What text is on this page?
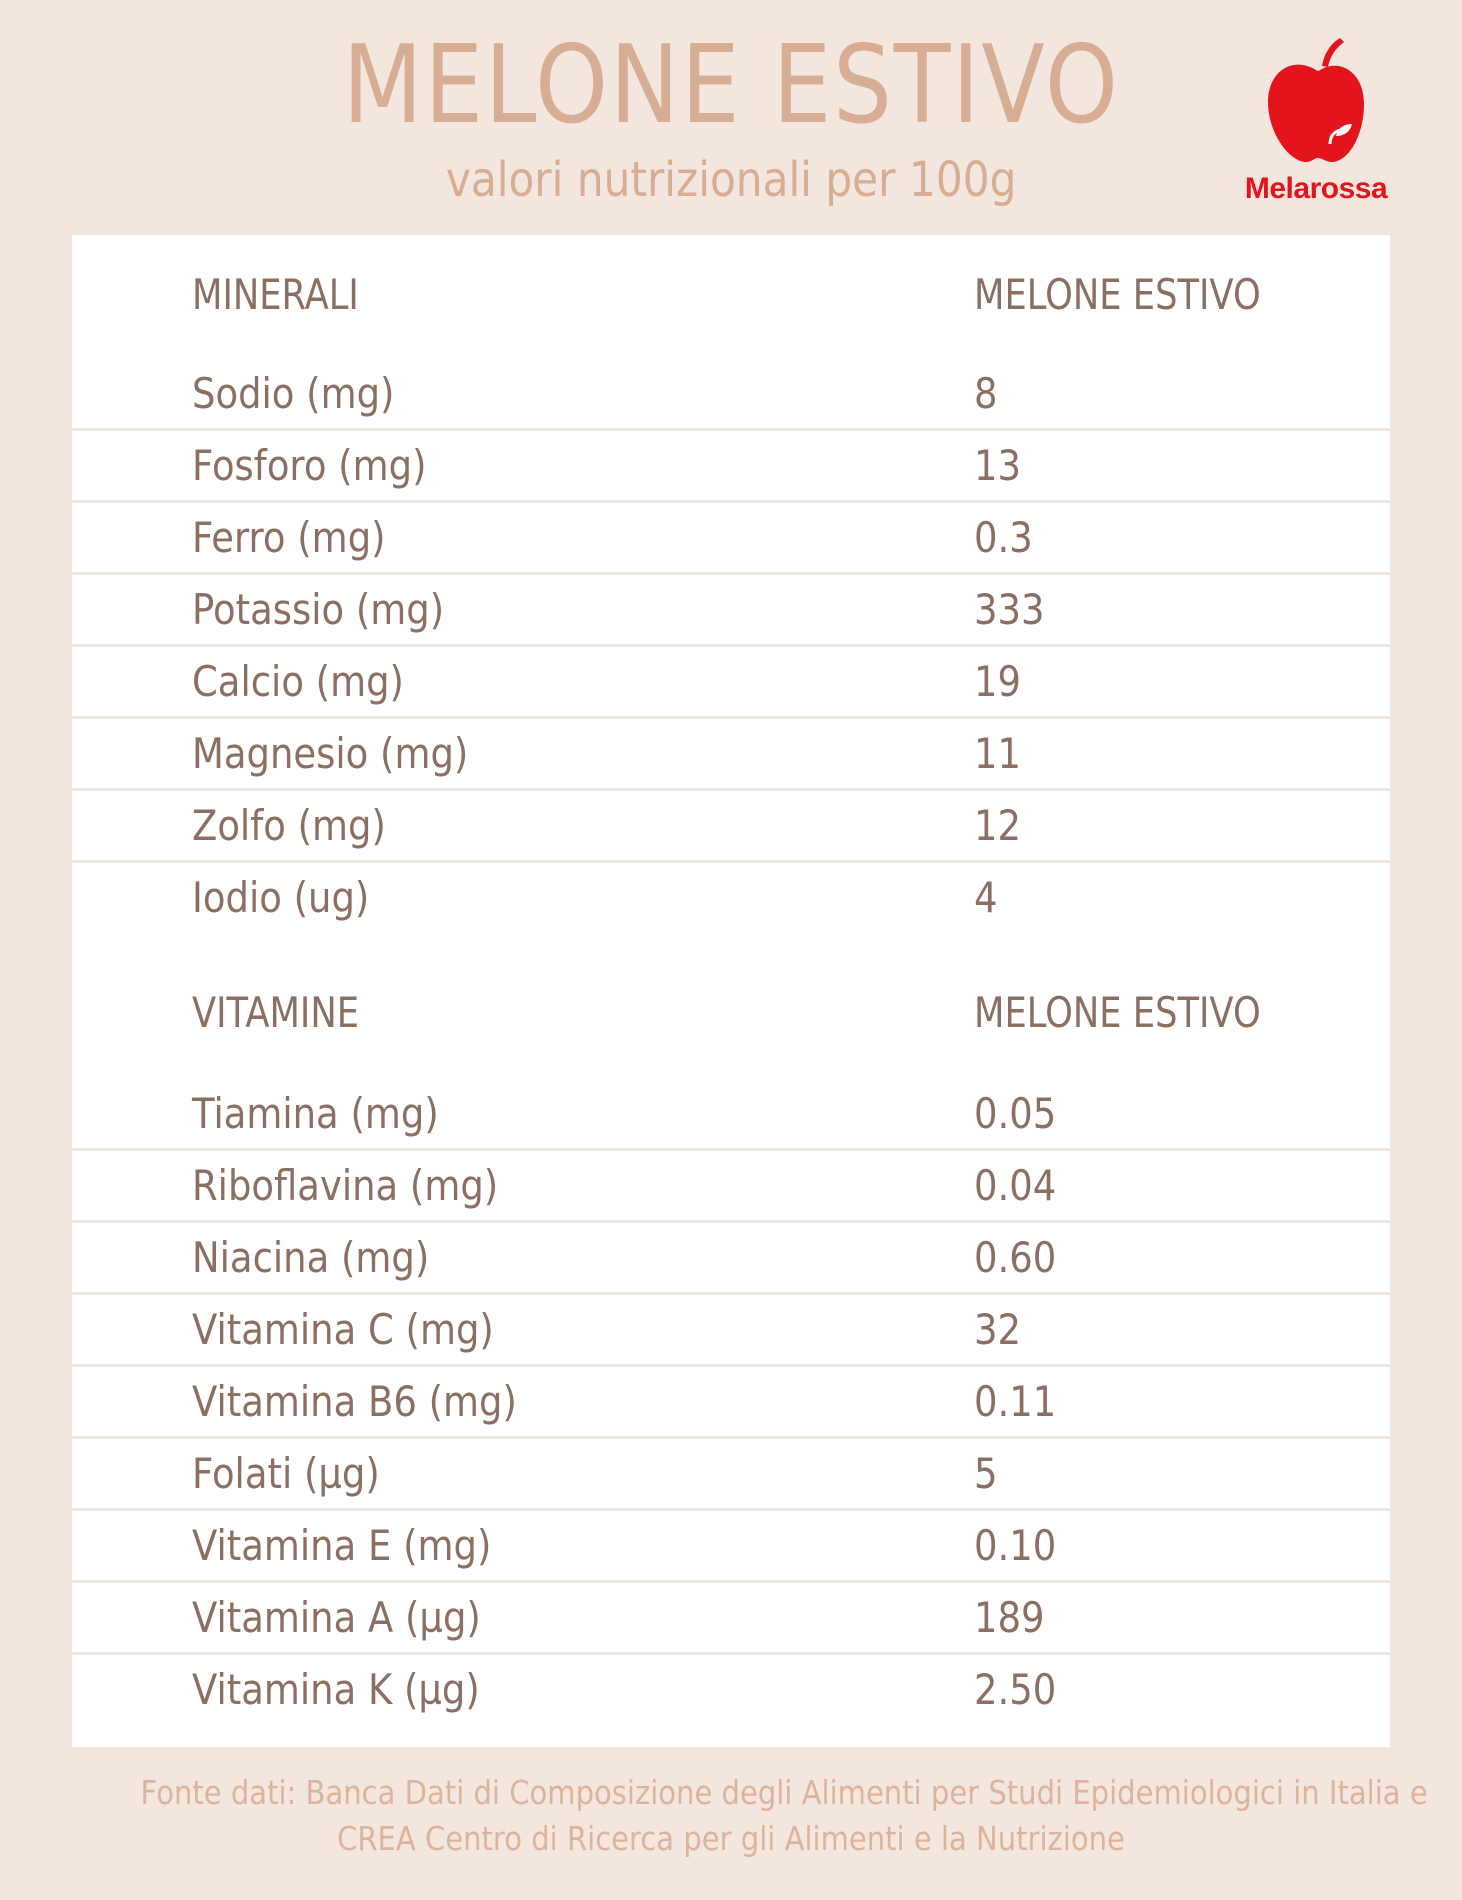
MELONE ESTIVO
valori nutrizionali per 100g	Melarossa
MINERALI	MELONE ESTIVO
Sodio (mg)	8
Fosforo (mg)	13
Ferro (mg)	0.3
Potassio (mg)	333
Calcio (mg)	19
Magnesio (mg)	11
Zolfo (mg)	12
Iodio (ug)	4
VITAMINE	MELONE ESTIVO
Tiamina (mg)	0.05
Riboflavina (mg)	0.04
Niacina (mg)	0.60
Vitamina C (mg)	32
Vitamina B6 (mg)	0.11
Folati (µg)	5
Vitamina E (mg)	0.10
Vitamina A (µg)	189
Vitamina K (µg)	2.50
Fonte dati: Banca Dati di Composizione degli Alimenti per Studi Epidemiologici in Italia e
CREA Centro di Ricerca per gli Alimenti e la Nutrizione
